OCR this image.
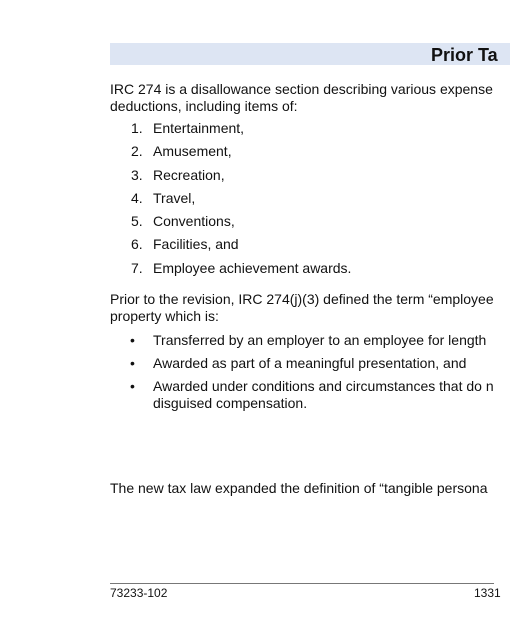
Prior Ta
IRC 274 is a disallowance section describing various expense
deductions, including items of:
1. Entertainment,
2. Amusement,
3. Recreation,
4. Travel,
5. Conventions,
6. Facilities, and
7. Employee achievement awards.
Prior to the revision, IRC 274(j)(3) defined the term “employee
property which is:
• Transferred by an employer to an employee for length
• Awarded as part of a meaningful presentation, and
• Awarded under conditions and circumstances that do n
disguised compensation.
The new tax law expanded the definition of “tangible persona
73233-102	1331
